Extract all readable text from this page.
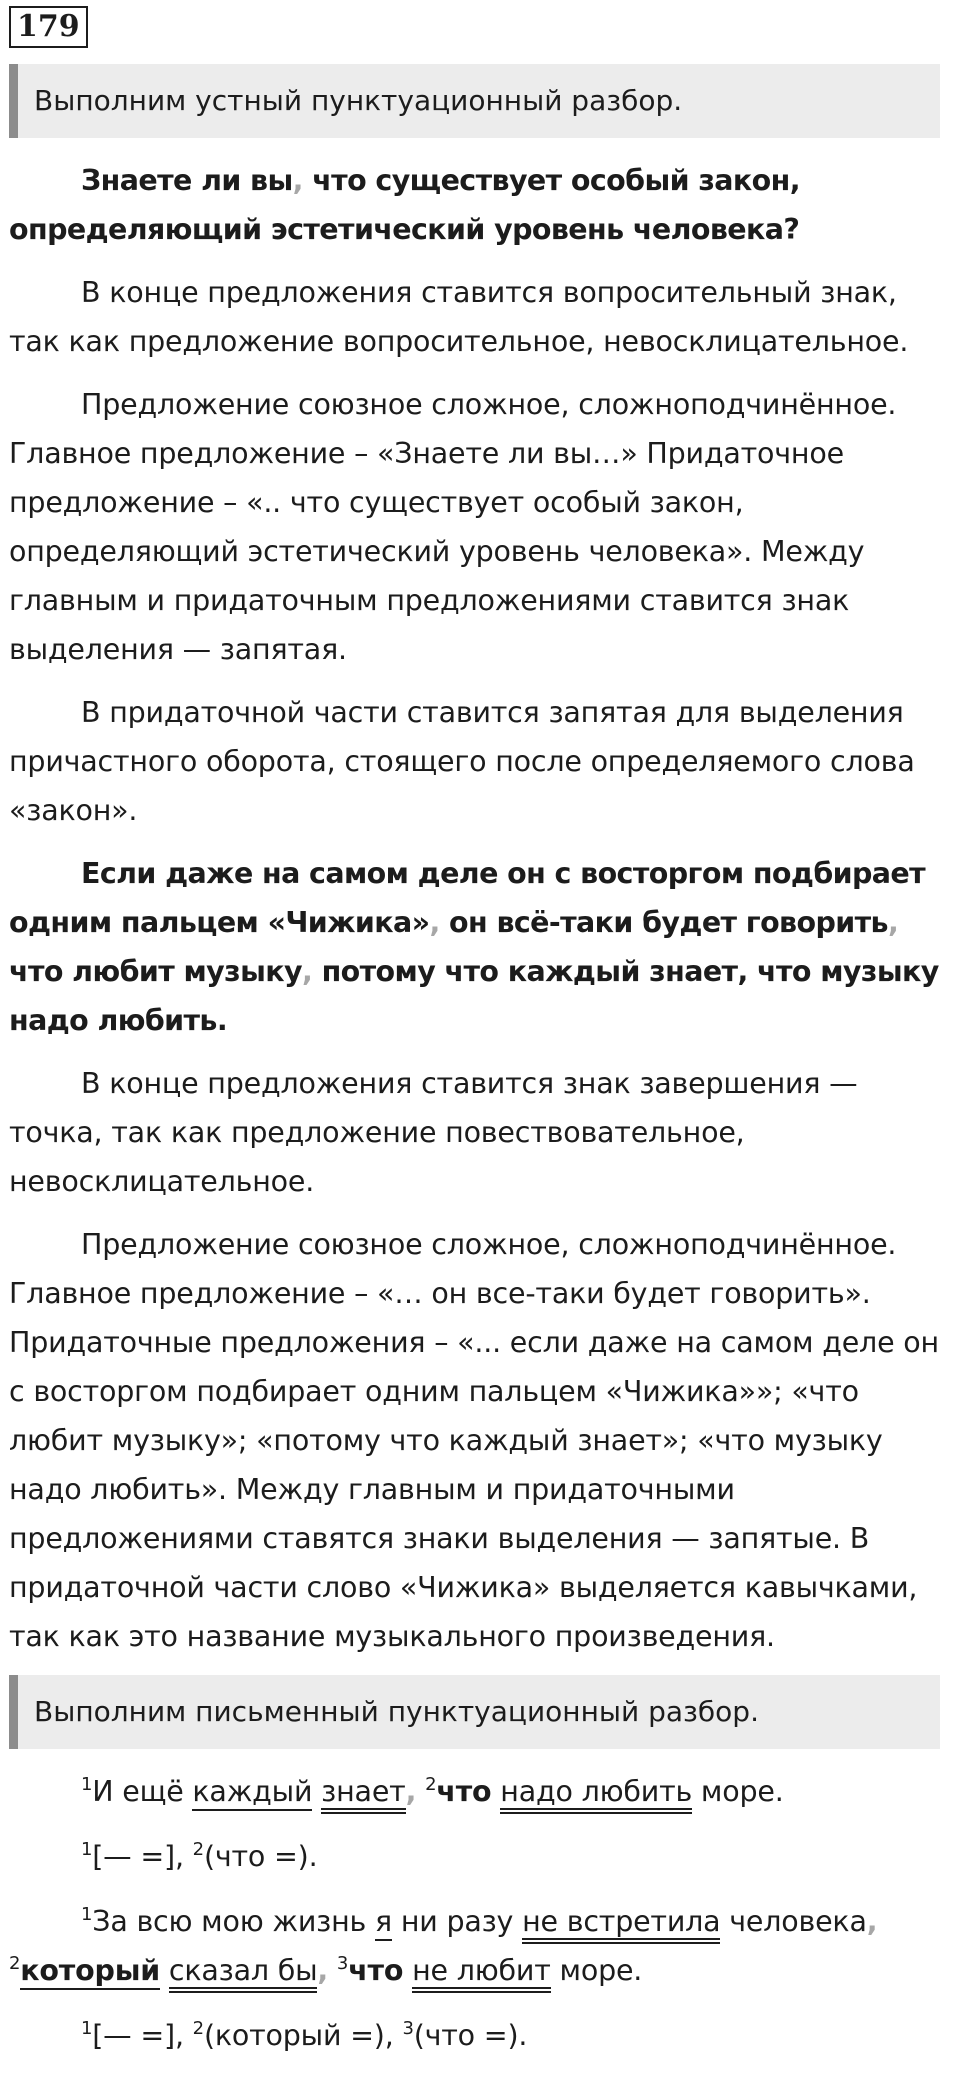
179
Выполним устный пунктуационный разбор.

Знаете ли вы, что существует особый закон, определяющий эстетический уровень человека?

В конце предложения ставится вопросительный знак, так как предложение вопросительное, невосклицательное.

Предложение союзное сложное, сложноподчинённое. Главное предложение – «Знаете ли вы…» Придаточное предложение – «.. что существует особый закон, определяющий эстетический уровень человека». Между главным и придаточным предложениями ставится знак выделения — запятая.

В придаточной части ставится запятая для выделения причастного оборота, стоящего после определяемого слова «закон».

Если даже на самом деле он с восторгом подбирает одним пальцем «Чижика», он всё-таки будет говорить, что любит музыку, потому что каждый знает, что музыку надо любить.

В конце предложения ставится знак завершения — точка, так как предложение повествовательное, невосклицательное.

Предложение союзное сложное, сложноподчинённое. Главное предложение – «… он все-таки будет говорить». Придаточные предложения – «... если даже на самом деле он с восторгом подбирает одним пальцем «Чижика»»; «что любит музыку»; «потому что каждый знает»; «что музыку надо любить». Между главным и придаточными предложениями ставятся знаки выделения — запятые. В придаточной части слово «Чижика» выделяется кавычками, так как это название музыкального произведения.

Выполним письменный пунктуационный разбор.

$^1$И ещё каждый знает, $^2$что надо любить море.

$^1$[— =], $^2$(что =).

$^1$За всю мою жизнь я ни разу не встретила человека, $^2$который сказал бы, $^3$что не любит море.

$^1$[— =], $^2$(который =), $^3$(что =).
